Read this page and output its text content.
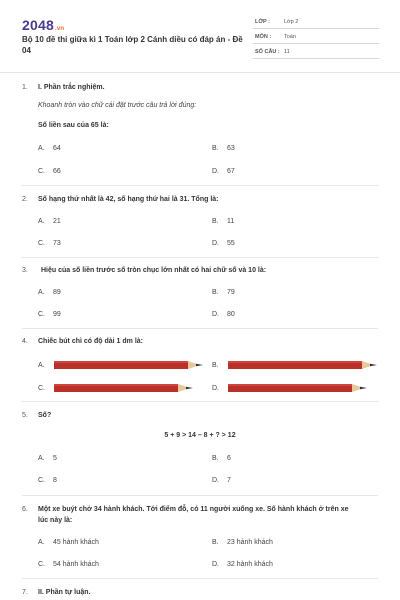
2048.vn
Bộ 10 đề thi giữa kì 1 Toán lớp 2 Cánh diều có đáp án - Đề 04
LỚP :	Lớp 2
MÔN : Toán
SỐ CÂU : 11
1. I. Phần trắc nghiệm.
Khoanh tròn vào chữ cái đặt trước câu trả lời đúng:
Số liền sau của 65 là:
A. 64	B. 63
C. 66	D. 67
2. Số hạng thứ nhất là 42, số hạng thứ hai là 31. Tổng là:
A. 21	B. 11
C. 73	D. 55
3. Hiệu của số liền trước số tròn chục lớn nhất có hai chữ số và 10 là:
A. 89	B. 79
C. 99	D. 80
4. Chiếc bút chì có độ dài 1 dm là:
A.	B.
C.	D.
5. Số?
5 + 9 > 14 – 8 + ? > 12
A. 5	B. 6
C. 8	D. 7
6. Một xe buýt chở 34 hành khách. Tới điểm đỗ, có 11 người xuống xe. Số hành khách ở trên xe
lúc này là:
A. 45 hành khách	B. 23 hành khách
C. 54 hành khách	D. 32 hành khách
7. II. Phần tự luận.
